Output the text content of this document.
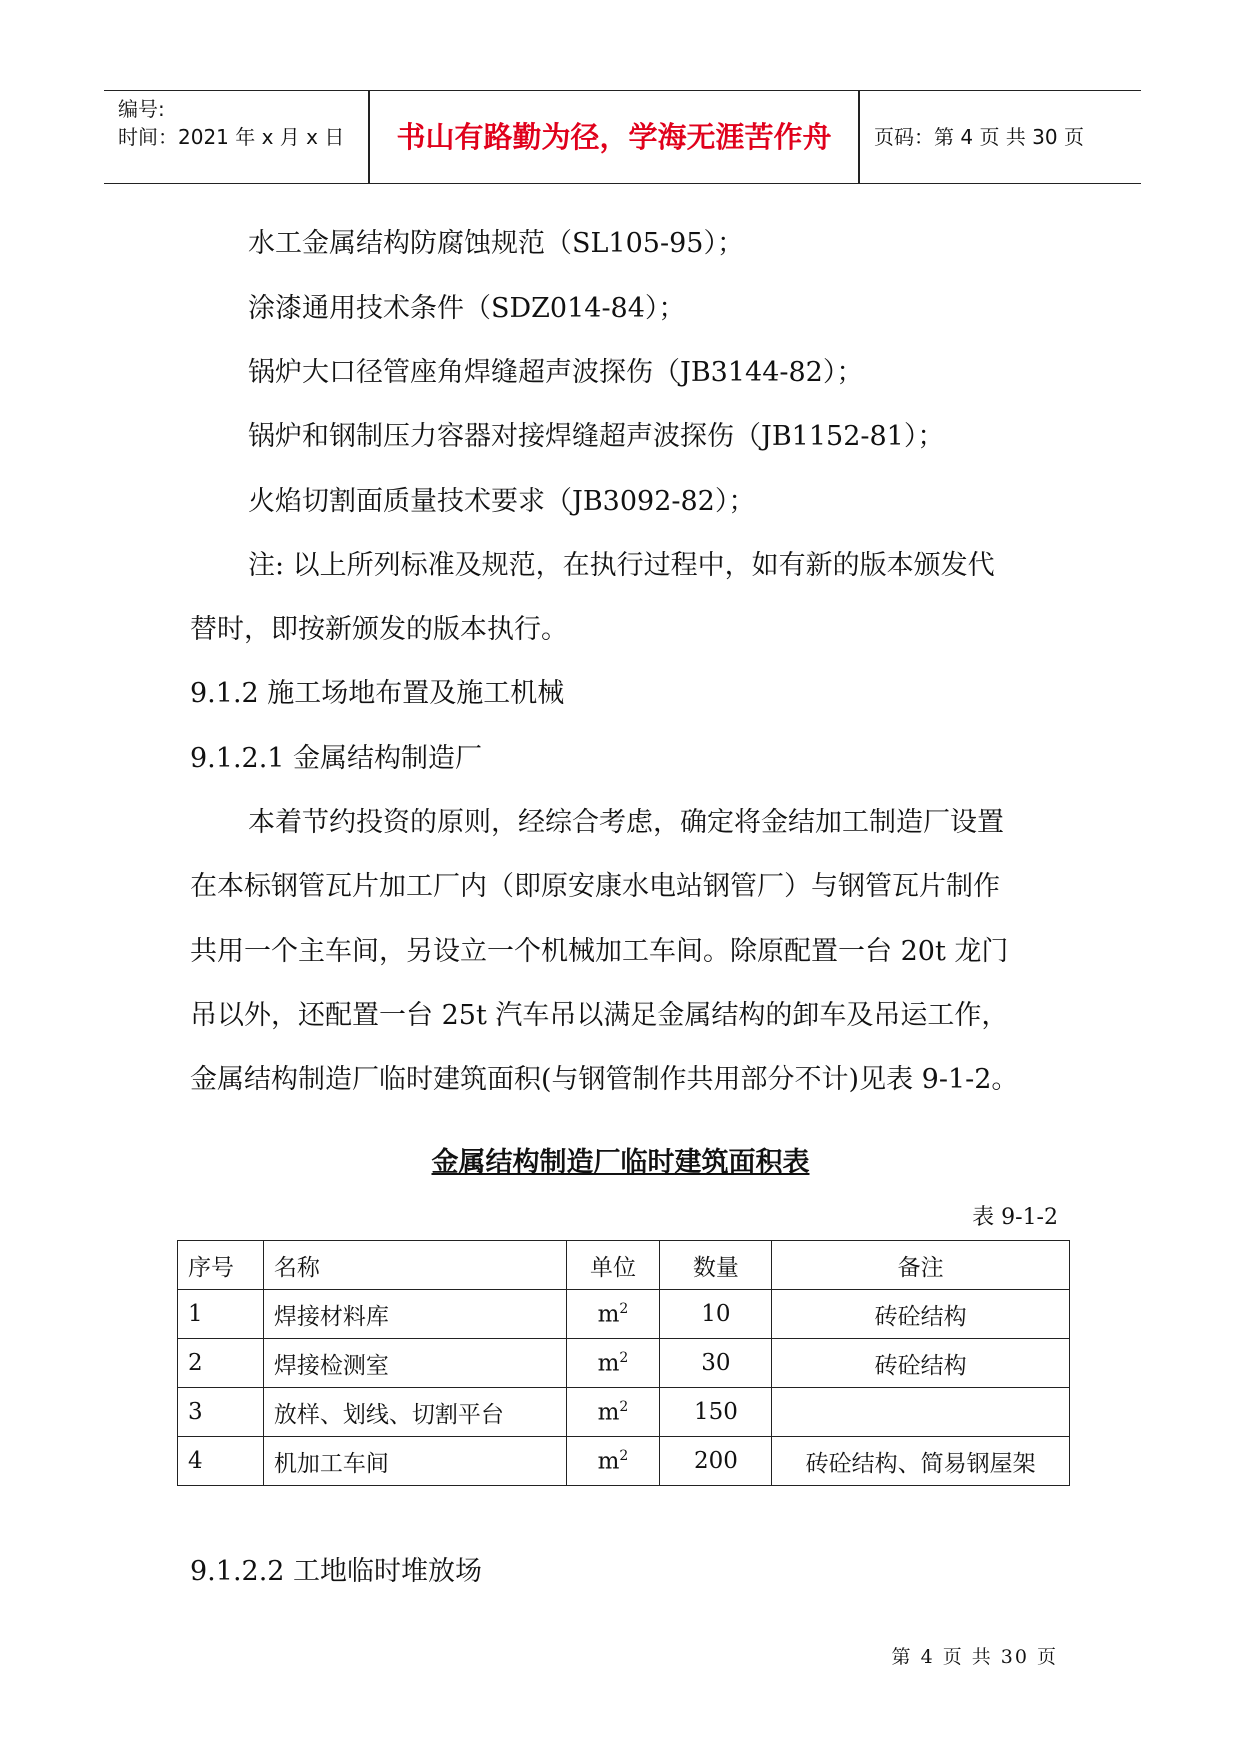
编号:
时间：2021 年 x 月 x 日	书山有路勤为径，学海无涯苦作舟	页码：第 4 页 共 30 页
水工金属结构防腐蚀规范（SL105-95）；
涂漆通用技术条件（SDZ014-84）；
锅炉大口径管座角焊缝超声波探伤（JB3144-82）；
锅炉和钢制压力容器对接焊缝超声波探伤（JB1152-81）；
火焰切割面质量技术要求（JB3092-82）；
注: 以上所列标准及规范，在执行过程中，如有新的版本颁发代
替时，即按新颁发的版本执行。
9.1.2 施工场地布置及施工机械
9.1.2.1 金属结构制造厂
本着节约投资的原则，经综合考虑，确定将金结加工制造厂设置
在本标钢管瓦片加工厂内（即原安康水电站钢管厂）与钢管瓦片制作
共用一个主车间，另设立一个机械加工车间。除原配置一台 20t 龙门
吊以外，还配置一台 25t 汽车吊以满足金属结构的卸车及吊运工作，
金属结构制造厂临时建筑面积(与钢管制作共用部分不计)见表 9-1-2。
金属结构制造厂临时建筑面积表
表 9-1-2
序号	名称	单位	数量	备注
1	焊接材料库	$m^2$	10	砖砼结构
2	焊接检测室	$m^2$	30	砖砼结构
3	放样、划线、切割平台	$m^2$	150	
4	机加工车间	$m^2$	200	砖砼结构、简易钢屋架
9.1.2.2 工地临时堆放场
第 4 页 共 30 页
